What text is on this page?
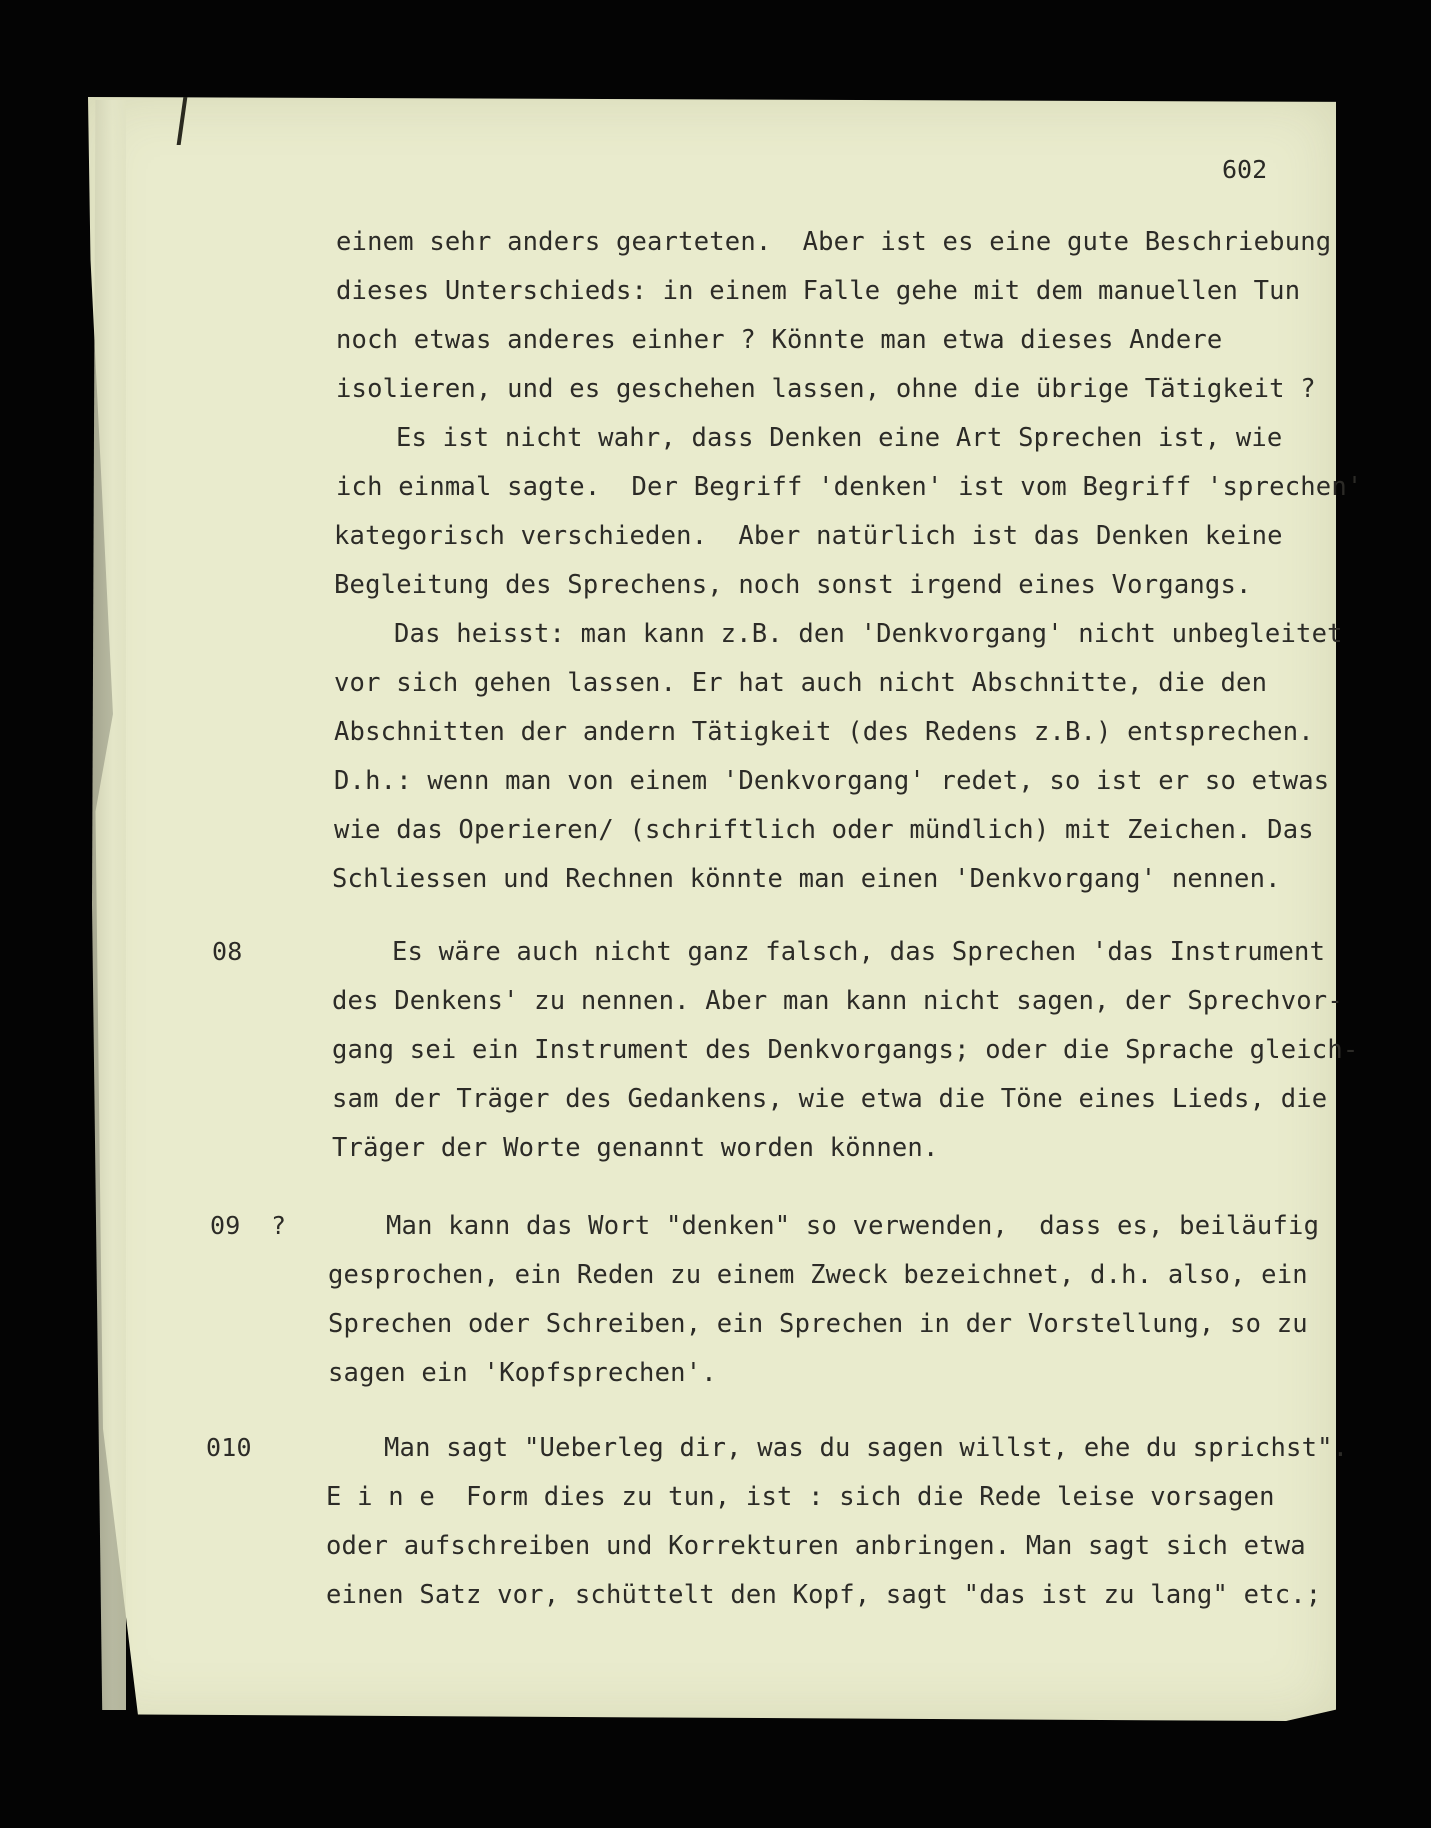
602
einem sehr anders gearteten.  Aber ist es eine gute Beschriebung
dieses Unterschieds: in einem Falle gehe mit dem manuellen Tun
noch etwas anderes einher ? Könnte man etwa dieses Andere
isolieren, und es geschehen lassen, ohne die übrige Tätigkeit ?
Es ist nicht wahr, dass Denken eine Art Sprechen ist, wie
ich einmal sagte.  Der Begriff 'denken' ist vom Begriff 'sprechen'
kategorisch verschieden.  Aber natürlich ist das Denken keine
Begleitung des Sprechens, noch sonst irgend eines Vorgangs.
Das heisst: man kann z.B. den 'Denkvorgang' nicht unbegleitet
vor sich gehen lassen. Er hat auch nicht Abschnitte, die den
Abschnitten der andern Tätigkeit (des Redens z.B.) entsprechen.
D.h.: wenn man von einem 'Denkvorgang' redet, so ist er so etwas
wie das Operieren/ (schriftlich oder mündlich) mit Zeichen. Das
Schliessen und Rechnen könnte man einen 'Denkvorgang' nennen.
Es wäre auch nicht ganz falsch, das Sprechen 'das Instrument
des Denkens' zu nennen. Aber man kann nicht sagen, der Sprechvor-
gang sei ein Instrument des Denkvorgangs; oder die Sprache gleich-
sam der Träger des Gedankens, wie etwa die Töne eines Lieds, die
Träger der Worte genannt worden können.
Man kann das Wort "denken" so verwenden,  dass es, beiläufig
gesprochen, ein Reden zu einem Zweck bezeichnet, d.h. also, ein
Sprechen oder Schreiben, ein Sprechen in der Vorstellung, so zu
sagen ein 'Kopfsprechen'.
Man sagt "Ueberleg dir, was du sagen willst, ehe du sprichst".
E i n e  Form dies zu tun, ist : sich die Rede leise vorsagen
oder aufschreiben und Korrekturen anbringen. Man sagt sich etwa
einen Satz vor, schüttelt den Kopf, sagt "das ist zu lang" etc.;
08
09  ?
010
